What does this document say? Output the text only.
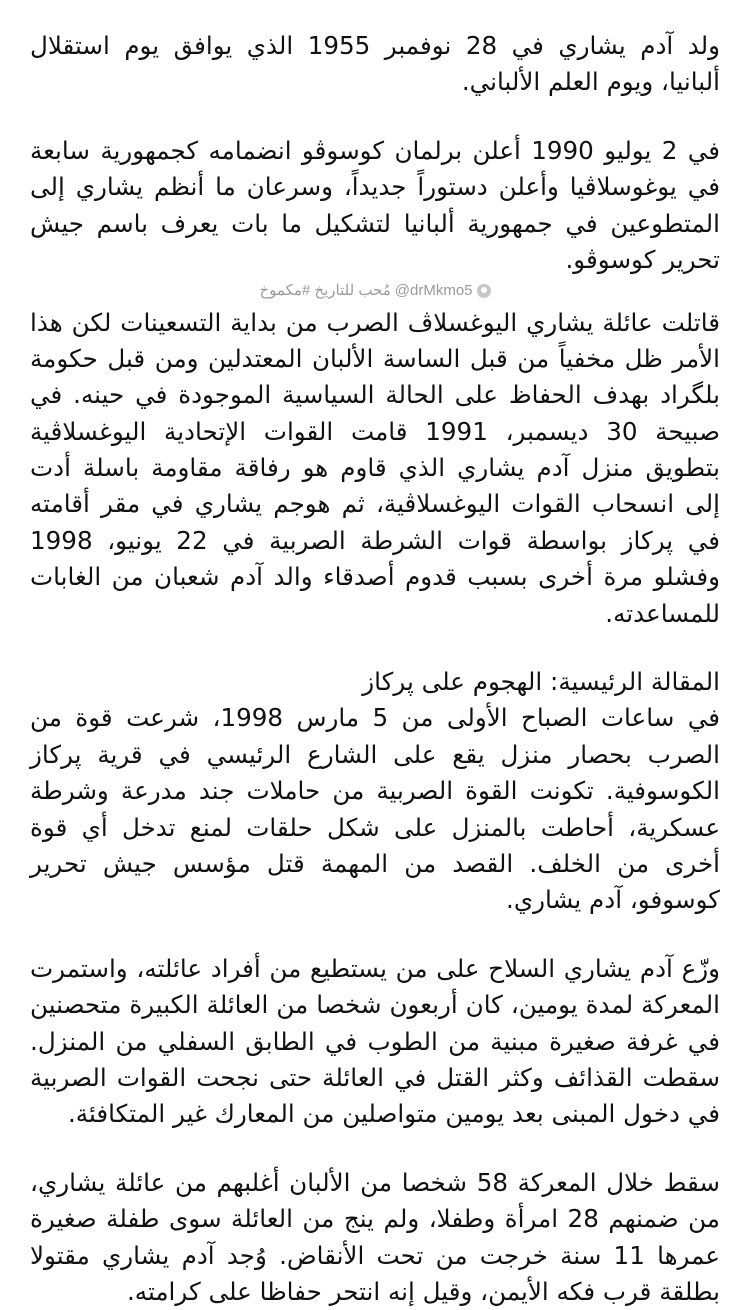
ولد آدم يشاري في 28 نوفمبر 1955 الذي يوافق يوم استقلال ألبانيا، ويوم العلم الألباني.

في 2 يوليو 1990 أعلن برلمان كوسوڤو انضمامه كجمهورية سابعة في يوغوسلاڤيا وأعلن دستوراً جديداً، وسرعان ما أنظم يشاري إلى المتطوعين في جمهورية ألبانيا لتشكيل ما بات يعرف باسم جيش تحرير كوسوڤو.

مُحب للتاريخ #مكموخ @drMkmo5

قاتلت عائلة يشاري اليوغسلاڤ الصرب من بداية التسعينات لكن هذا الأمر ظل مخفياً من قبل الساسة الألبان المعتدلين ومن قبل حكومة بلگراد بهدف الحفاظ على الحالة السياسية الموجودة في حينه. في صبيحة 30 ديسمبر، 1991 قامت القوات الإتحادية اليوغسلاڤية بتطويق منزل آدم يشاري الذي قاوم هو رفاقة مقاومة باسلة أدت إلى انسحاب القوات اليوغسلاڤية، ثم هوجم يشاري في مقر أقامته في پركاز بواسطة قوات الشرطة الصربية في 22 يونيو، 1998 وفشلو مرة أخرى بسبب قدوم أصدقاء والد آدم شعبان من الغابات للمساعدته.

المقالة الرئيسية: الهجوم على پركاز

في ساعات الصباح الأولى من 5 مارس 1998، شرعت قوة من الصرب بحصار منزل يقع على الشارع الرئيسي في قرية پركاز الكوسوفية. تكونت القوة الصربية من حاملات جند مدرعة وشرطة عسكرية، أحاطت بالمنزل على شكل حلقات لمنع تدخل أي قوة أخرى من الخلف. القصد من المهمة قتل مؤسس جيش تحرير كوسوفو، آدم يشاري.

وزّع آدم يشاري السلاح على من يستطيع من أفراد عائلته، واستمرت المعركة لمدة يومين، كان أربعون شخصا من العائلة الكبيرة متحصنين في غرفة صغيرة مبنية من الطوب في الطابق السفلي من المنزل. سقطت القذائف وكثر القتل في العائلة حتى نجحت القوات الصربية في دخول المبنى بعد يومين متواصلين من المعارك غير المتكافئة.

سقط خلال المعركة 58 شخصا من الألبان أغلبهم من عائلة يشاري، من ضمنهم 28 امرأة وطفلا، ولم ينج من العائلة سوى طفلة صغيرة عمرها 11 سنة خرجت من تحت الأنقاض. وُجد آدم يشاري مقتولا بطلقة قرب فكه الأيمن، وقيل إنه انتحر حفاظا على كرامته.
